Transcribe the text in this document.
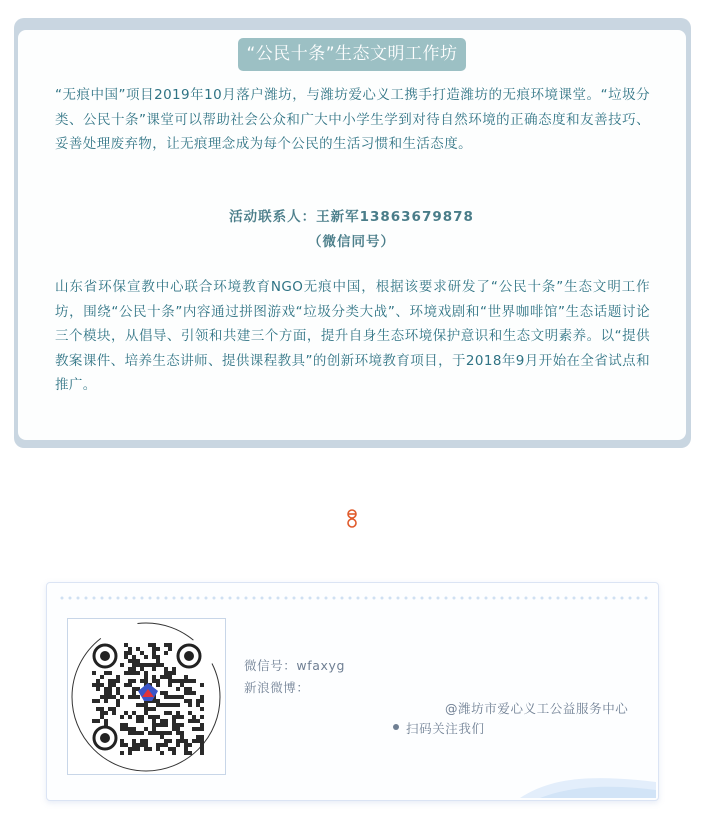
“公民十条”生态文明工作坊
“无痕中国”项目2019年10月落户潍坊，与潍坊爱心义工携手打造潍坊的无痕环境课堂。“垃圾分类、公民十条”课堂可以帮助社会公众和广大中小学生学到对待自然环境的正确态度和友善技巧、妥善处理废弃物，让无痕理念成为每个公民的生活习惯和生活态度。
活动联系人：王新军13863679878
（微信同号）
山东省环保宣教中心联合环境教育NGO无痕中国，根据该要求研发了“公民十条”生态文明工作坊，围绕“公民十条”内容通过拼图游戏“垃圾分类大战”、环境戏剧和“世界咖啡馆”生态话题讨论三个模块，从倡导、引领和共建三个方面，提升自身生态环境保护意识和生态文明素养。以“提供教案课件、培养生态讲师、提供课程教具”的创新环境教育项目，于2018年9月开始在全省试点和推广。
微信号：wfaxyg
新浪微博：
@潍坊市爱心义工公益服务中心
扫码关注我们
